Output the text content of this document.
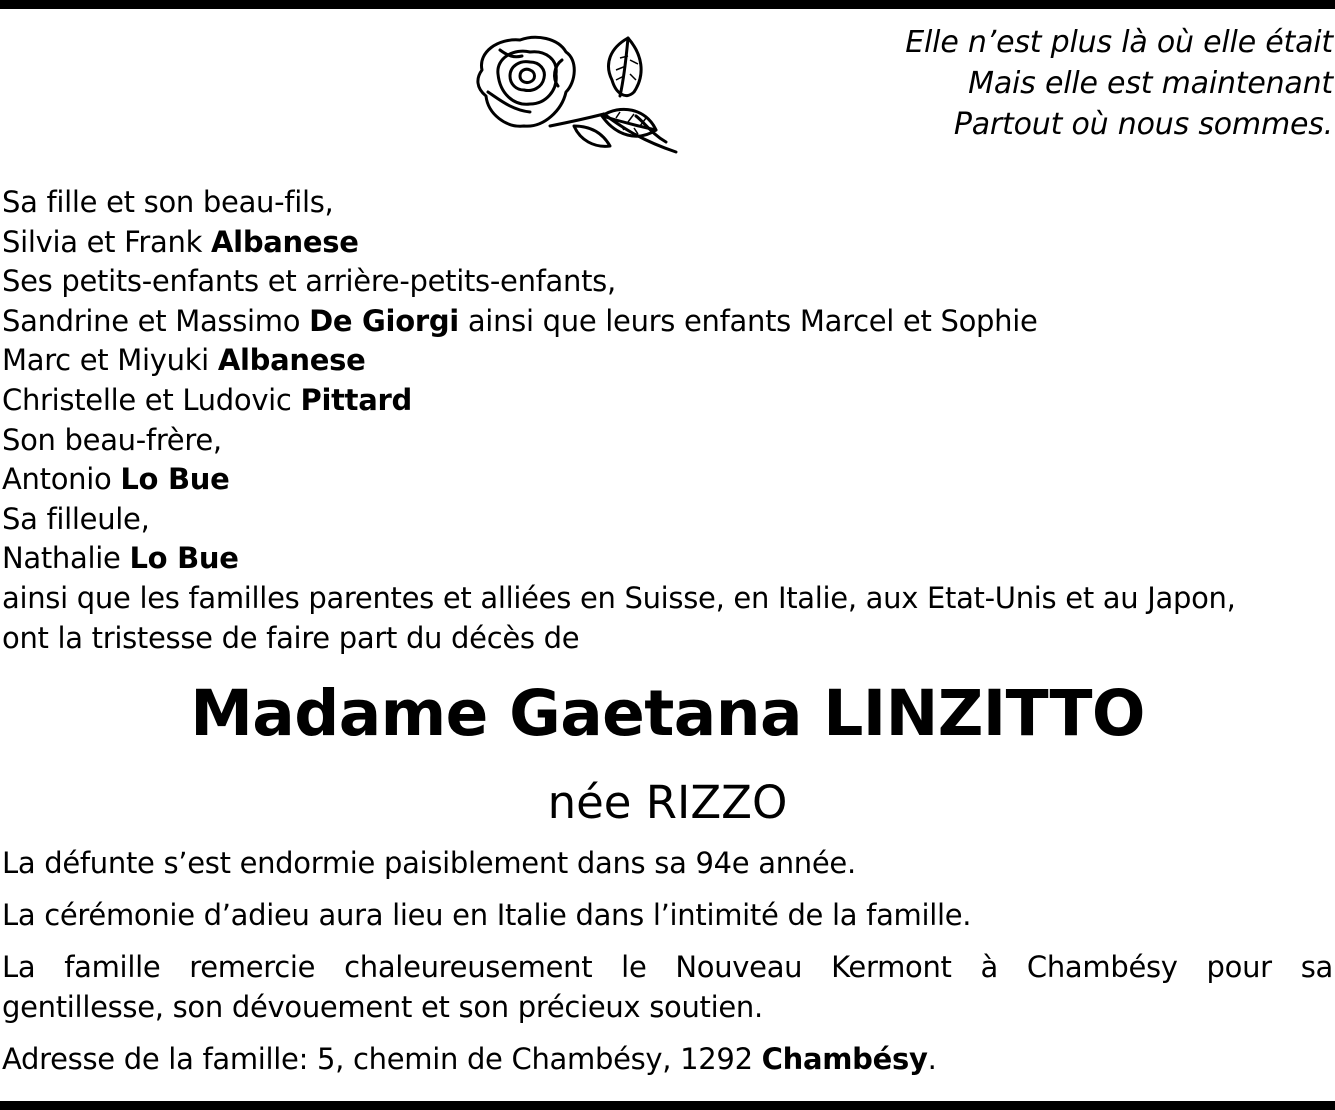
Elle n’est plus là où elle était
Mais elle est maintenant
Partout où nous sommes.
Sa fille et son beau-fils,
Silvia et Frank Albanese
Ses petits-enfants et arrière-petits-enfants,
Sandrine et Massimo De Giorgi ainsi que leurs enfants Marcel et Sophie
Marc et Miyuki Albanese
Christelle et Ludovic Pittard
Son beau-frère,
Antonio Lo Bue
Sa filleule,
Nathalie Lo Bue
ainsi que les familles parentes et alliées en Suisse, en Italie, aux Etat-Unis et au Japon,
ont la tristesse de faire part du décès de
Madame Gaetana LINZITTO
née RIZZO
La défunte s’est endormie paisiblement dans sa 94e année.
La cérémonie d’adieu aura lieu en Italie dans l’intimité de la famille.
La famille remercie chaleureusement le Nouveau Kermont à Chambésy pour sa
gentillesse, son dévouement et son précieux soutien.
Adresse de la famille: 5, chemin de Chambésy, 1292 Chambésy.
